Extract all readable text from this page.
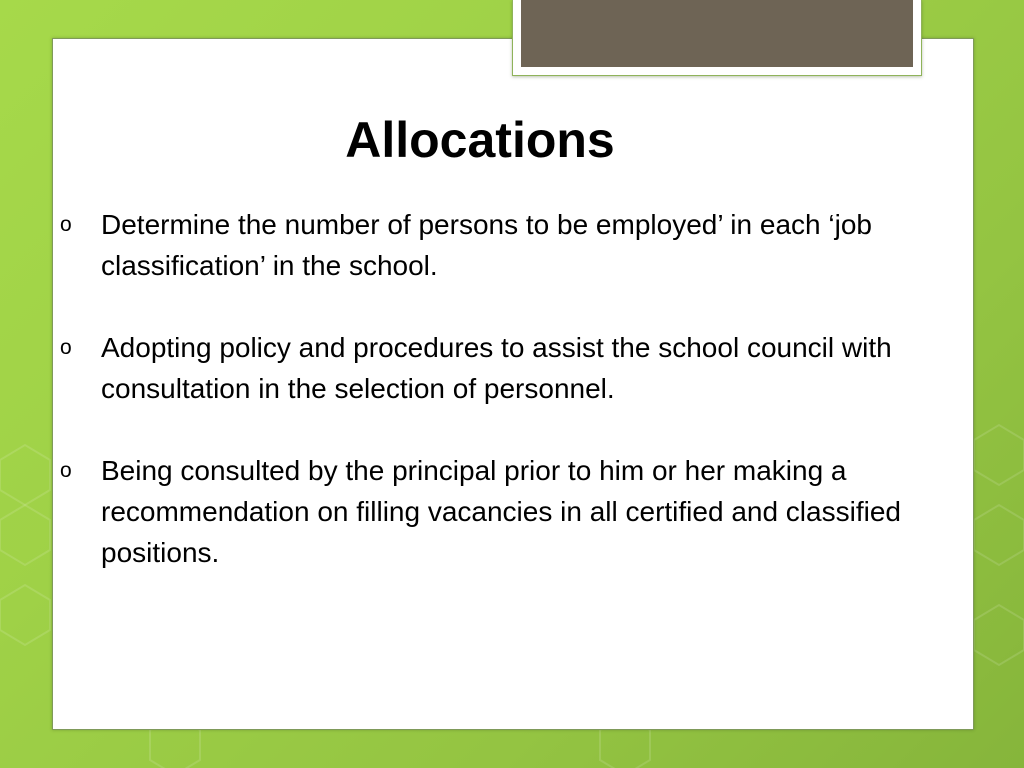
Allocations
o Determine the number of persons to be employed’ in each ‘job classification’ in the school.
o Adopting policy and procedures to assist the school council with consultation in the selection of personnel.
o Being consulted by the principal prior to him or her making a recommendation on filling vacancies in all certified and classified positions.
